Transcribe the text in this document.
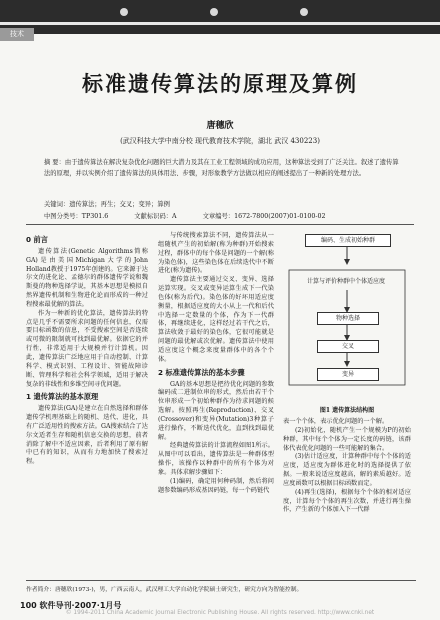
技术
标准遗传算法的原理及算例
唐穗欣
(武汉科技大学中南分校 现代教育技术学院，湖北 武汉 430223)
摘 要：由于遗传算法在解决复杂优化问题的巨大潜力及其在工业工程领域的成功应用，这种算法受到了广泛关注。叙述了遗传算法的原理，并以实例介绍了遗传算法的具体用法、步骤，对形象教学方法做以相应的阐述提出了一种新的处理方法。
关键词：遗传算法；再生；交叉；变异；算例
中图分类号：TP301.6	文献标识码：A	文章编号：1672-7800(2007)01-0100-02
0 前言

遗传算法(Genetic Algorithms简称GA)是由美国Michigan大学的John Holland教授于1975年创建的。它来源于达尔文的进化论、孟德尔的群体遗传学说和魏斯曼的物种选择学说，其基本思想是模拟自然界遗传机制和生物进化论而形成的一种过程搜索最优解的算法。

作为一种新的优化算法，遗传算法的特点是几乎不需要所求问题的任何信息，仅需要目标函数的信息，不受搜索空间是否连续或可微的限制就可找到最优解。依据它的并行性，非常适用于大规模并行计算机。因此，遗传算法广泛地应用于自动控制、计算科学、模式识别、工程设计、智能故障诊断、管理科学和社会科学领域，适用于解决复杂的非线性和多维空间寻优问题。

1 遗传算法的基本原理

遗传算法(GA)是建立在自然选择和群体遗传学机理基础上的随机、迭代、进化，具有广泛适用性的搜索方法。GA搜索结合了达尔文适者生存和随机信息交换的思想，前者消除了解中不适应因素，后者利用了原有解中已有的知识，从而有力地加快了搜索过程。

与传统搜索算法不同，遗传算法从一组随机产生的初始解(称为种群)开始搜索过程，群体中的每个体是问题的一个解(称为染色体)，这些染色体在后续迭代中不断进化(称为遗传)。

遗传算法主要通过交叉、变异、选择运算实现。交叉或变异运算生成下一代染色体(称为后代)。染色体的好坏用适应度衡量，根据适应度的大小从上一代和后代中选择一定数量的个体，作为下一代群体，再继续进化，这样经过若干代之后，算法收敛于最好的染色体，它很可能就是问题的最优解或次优解。遗传算法中使用适应度这个概念来度量群体中的各个个体。

2 标准遗传算法的基本步骤

GA的基本思想是把待优化问题的参数编码成二进制位串的形式，然后由若干个位串形成一个初始种群作为待求问题的候选解。按照再生(Reproduction)、交叉(Crossover)和变异(Mutation)3种算子进行操作，不断迭代优化，直到找到最优解。

经典遗传算法的计算流程如图1所示。从图中可以看出，遗传算法是一种群体型操作，该操作以种群中的所有个体为对象。具体求解步骤如下：

(1)编码，确定用何种码制，然后将问题参数编码形成基因码链，每一个码链代

编码、生成初始种群
计算与评价种群中个体适应度
物种选择
交叉
变异
图1 遗传算法结构图

表一个个体，表示优化问题的一个解。

(2)初始化，随机产生一个规模为P的初始种群，其中每个个体为一定长度的码链，该群体代表优化问题的一些可能解的集合。

(3)估计适应度，计算种群中每个个体的适应度，适应度为群体进化时的选择提供了依据。一般来说适应度越高，解的素质越好。适应度函数可以根据目标函数而定。

(4)再生(选择)，根据每个个体的相对适应度，计算每个个体的再生次数，并进行再生操作，产生新的个体加入下一代群

作者简介：唐穗欣(1973-)，男，广西云南人，武汉理工大学自动化学院硕士研究生，研究方向为智能控制。
100 软件导刊·2007·1月号
© 1994-2011 China Academic Journal Electronic Publishing House. All rights reserved. http://www.cnki.net
